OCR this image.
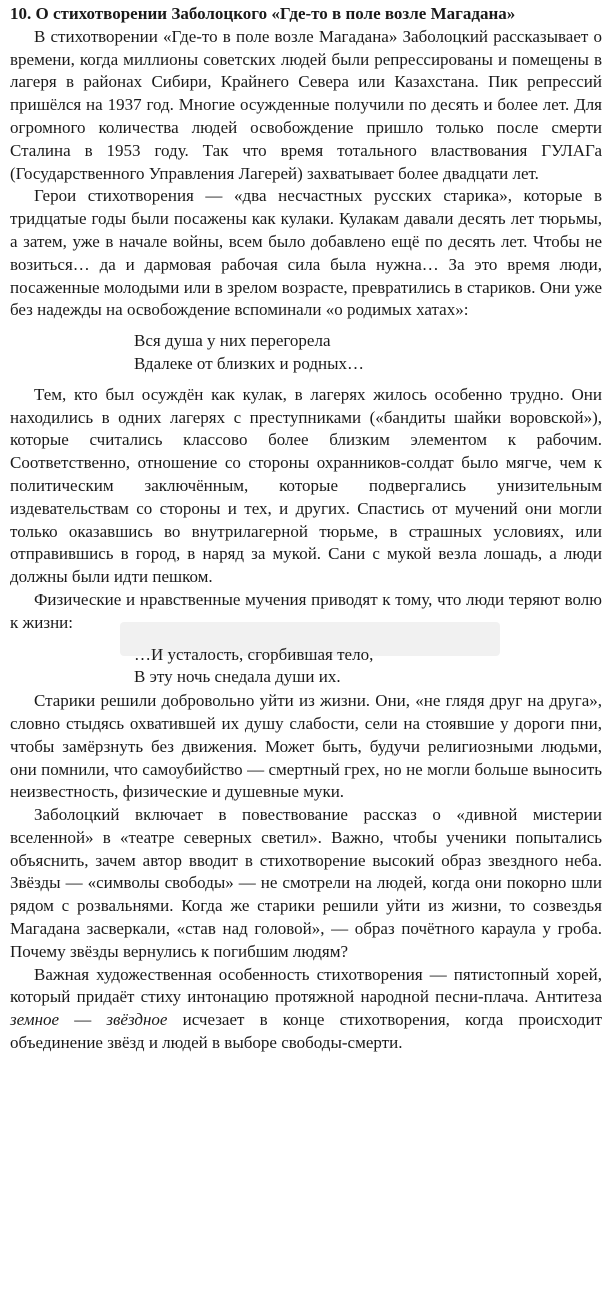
10. О стихотворении Заболоцкого «Где-то в поле возле Магадана»

В стихотворении «Где-то в поле возле Магадана» Заболоцкий рассказывает о времени, когда миллионы советских людей были репрессированы и помещены в лагеря в районах Сибири, Крайнего Севера или Казахстана. Пик репрессий пришёлся на 1937 год. Многие осужденные получили по десять и более лет. Для огромного количества людей освобождение пришло только после смерти Сталина в 1953 году. Так что время тотального властвования ГУЛАГа (Государственного Управления Лагерей) захватывает более двадцати лет.

Герои стихотворения — «два несчастных русских старика», которые в тридцатые годы были посажены как кулаки. Кулакам давали десять лет тюрьмы, а затем, уже в начале войны, всем было добавлено ещё по десять лет. Чтобы не возиться… да и дармовая рабочая сила была нужна… За это время люди, посаженные молодыми или в зрелом возрасте, превратились в стариков. Они уже без надежды на освобождение вспоминали «о родимых хатах»:

Вся душа у них перегорела
Вдалеке от близких и родных…

Тем, кто был осуждён как кулак, в лагерях жилось особенно трудно. Они находились в одних лагерях с преступниками («бандиты шайки воровской»), которые считались классово более близким элементом к рабочим. Соответственно, отношение со стороны охранников-солдат было мягче, чем к политическим заключённым, которые подвергались унизительным издевательствам со стороны и тех, и других. Спастись от мучений они могли только оказавшись во внутрилагерной тюрьме, в страшных условиях, или отправившись в город, в наряд за мукой. Сани с мукой везла лошадь, а люди должны были идти пешком.

Физические и нравственные мучения приводят к тому, что люди теряют волю к жизни:

…И усталость, сгорбившая тело,
В эту ночь снедала души их.

Старики решили добровольно уйти из жизни. Они, «не глядя друг на друга», словно стыдясь охватившей их душу слабости, сели на стоявшие у дороги пни, чтобы замёрзнуть без движения. Может быть, будучи религиозными людьми, они помнили, что самоубийство — смертный грех, но не могли больше выносить неизвестность, физические и душевные муки.

Заболоцкий включает в повествование рассказ о «дивной мистерии вселенной» в «театре северных светил». Важно, чтобы ученики попытались объяснить, зачем автор вводит в стихотворение высокий образ звездного неба. Звёзды — «символы свободы» — не смотрели на людей, когда они покорно шли рядом с розвальнями. Когда же старики решили уйти из жизни, то созвездья Магадана засверкали, «став над головой», — образ почётного караула у гроба. Почему звёзды вернулись к погибшим людям?

Важная художественная особенность стихотворения — пятистопный хорей, который придаёт стиху интонацию протяжной народной песни-плача. Антитеза земное — звёздное исчезает в конце стихотворения, когда происходит объединение звёзд и людей в выборе свободы-смерти.
